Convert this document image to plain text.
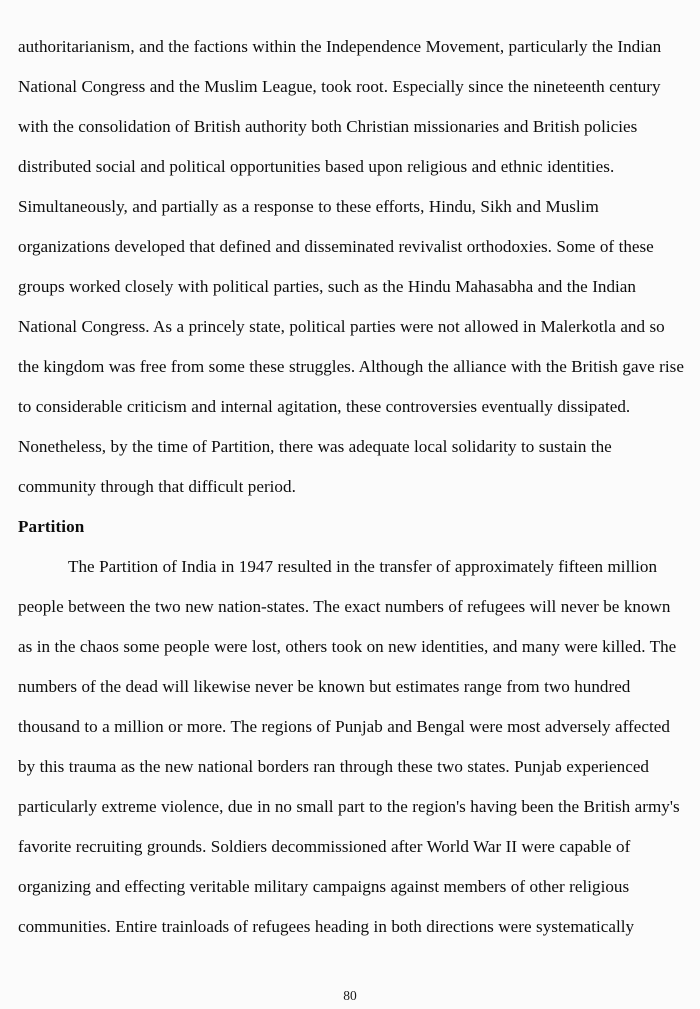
authoritarianism, and the factions within the Independence Movement, particularly the Indian National Congress and the Muslim League, took root. Especially since the nineteenth century with the consolidation of British authority both Christian missionaries and British policies distributed social and political opportunities based upon religious and ethnic identities. Simultaneously, and partially as a response to these efforts, Hindu, Sikh and Muslim organizations developed that defined and disseminated revivalist orthodoxies. Some of these groups worked closely with political parties, such as the Hindu Mahasabha and the Indian National Congress. As a princely state, political parties were not allowed in Malerkotla and so the kingdom was free from some these struggles. Although the alliance with the British gave rise to considerable criticism and internal agitation, these controversies eventually dissipated. Nonetheless, by the time of Partition, there was adequate local solidarity to sustain the community through that difficult period.

Partition

The Partition of India in 1947 resulted in the transfer of approximately fifteen million people between the two new nation-states. The exact numbers of refugees will never be known as in the chaos some people were lost, others took on new identities, and many were killed. The numbers of the dead will likewise never be known but estimates range from two hundred thousand to a million or more. The regions of Punjab and Bengal were most adversely affected by this trauma as the new national borders ran through these two states. Punjab experienced particularly extreme violence, due in no small part to the region's having been the British army's favorite recruiting grounds. Soldiers decommissioned after World War II were capable of organizing and effecting veritable military campaigns against members of other religious communities. Entire trainloads of refugees heading in both directions were systematically

80
